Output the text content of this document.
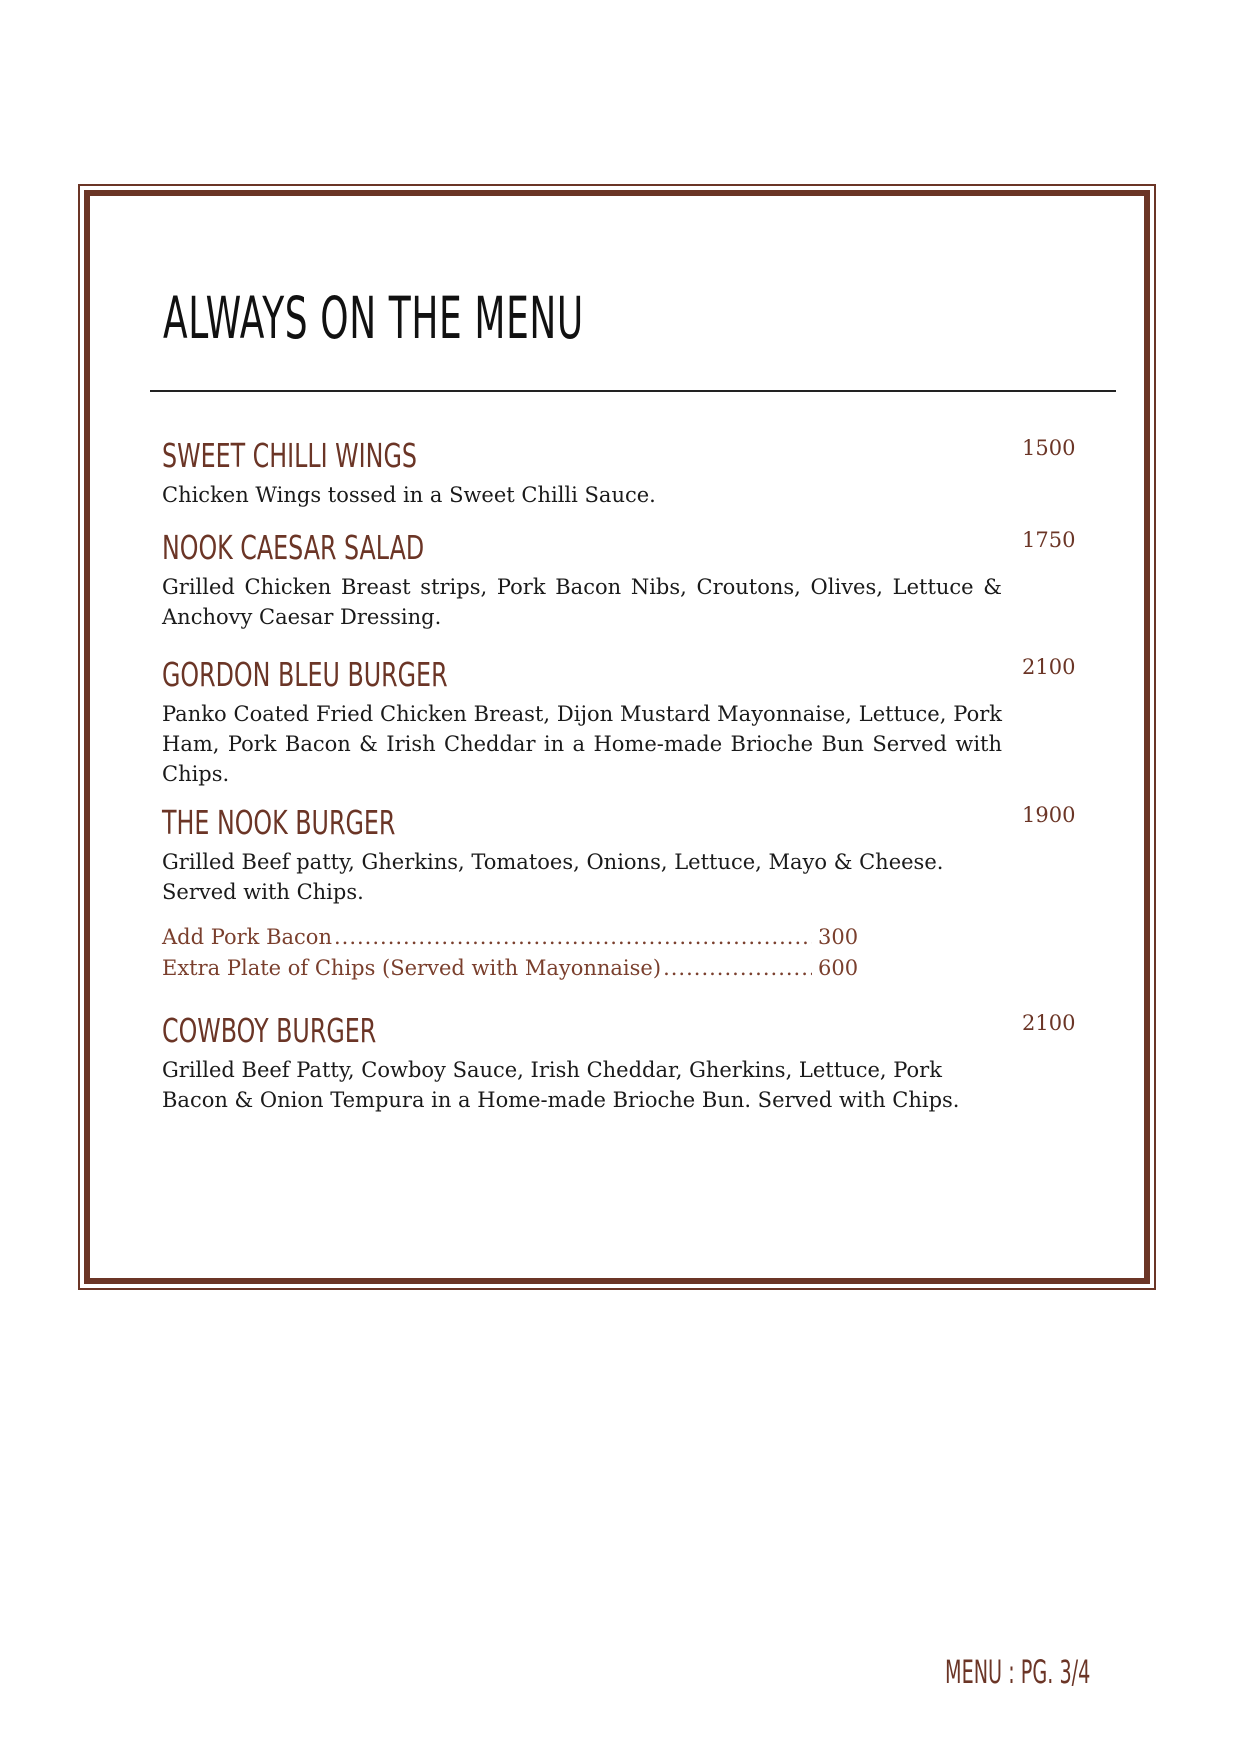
ALWAYS ON THE MENU
SWEET CHILLI WINGS
Chicken Wings tossed in a Sweet Chilli Sauce.
1500
NOOK CAESAR SALAD
Grilled Chicken Breast strips, Pork Bacon Nibs, Croutons, Olives, Lettuce & Anchovy Caesar Dressing.
1750
GORDON BLEU BURGER
Panko Coated Fried Chicken Breast, Dijon Mustard Mayonnaise, Lettuce, Pork Ham, Pork Bacon & Irish Cheddar in a Home-made Brioche Bun Served with Chips.
2100
THE NOOK BURGER
Grilled Beef patty, Gherkins, Tomatoes, Onions, Lettuce, Mayo & Cheese. Served with Chips.
1900
Add Pork Bacon .....	300
Extra Plate of Chips (Served with Mayonnaise) .....	600
COWBOY BURGER
Grilled Beef Patty, Cowboy Sauce, Irish Cheddar, Gherkins, Lettuce, Pork Bacon & Onion Tempura in a Home-made Brioche Bun. Served with Chips.
2100
MENU : PG. 3/4
